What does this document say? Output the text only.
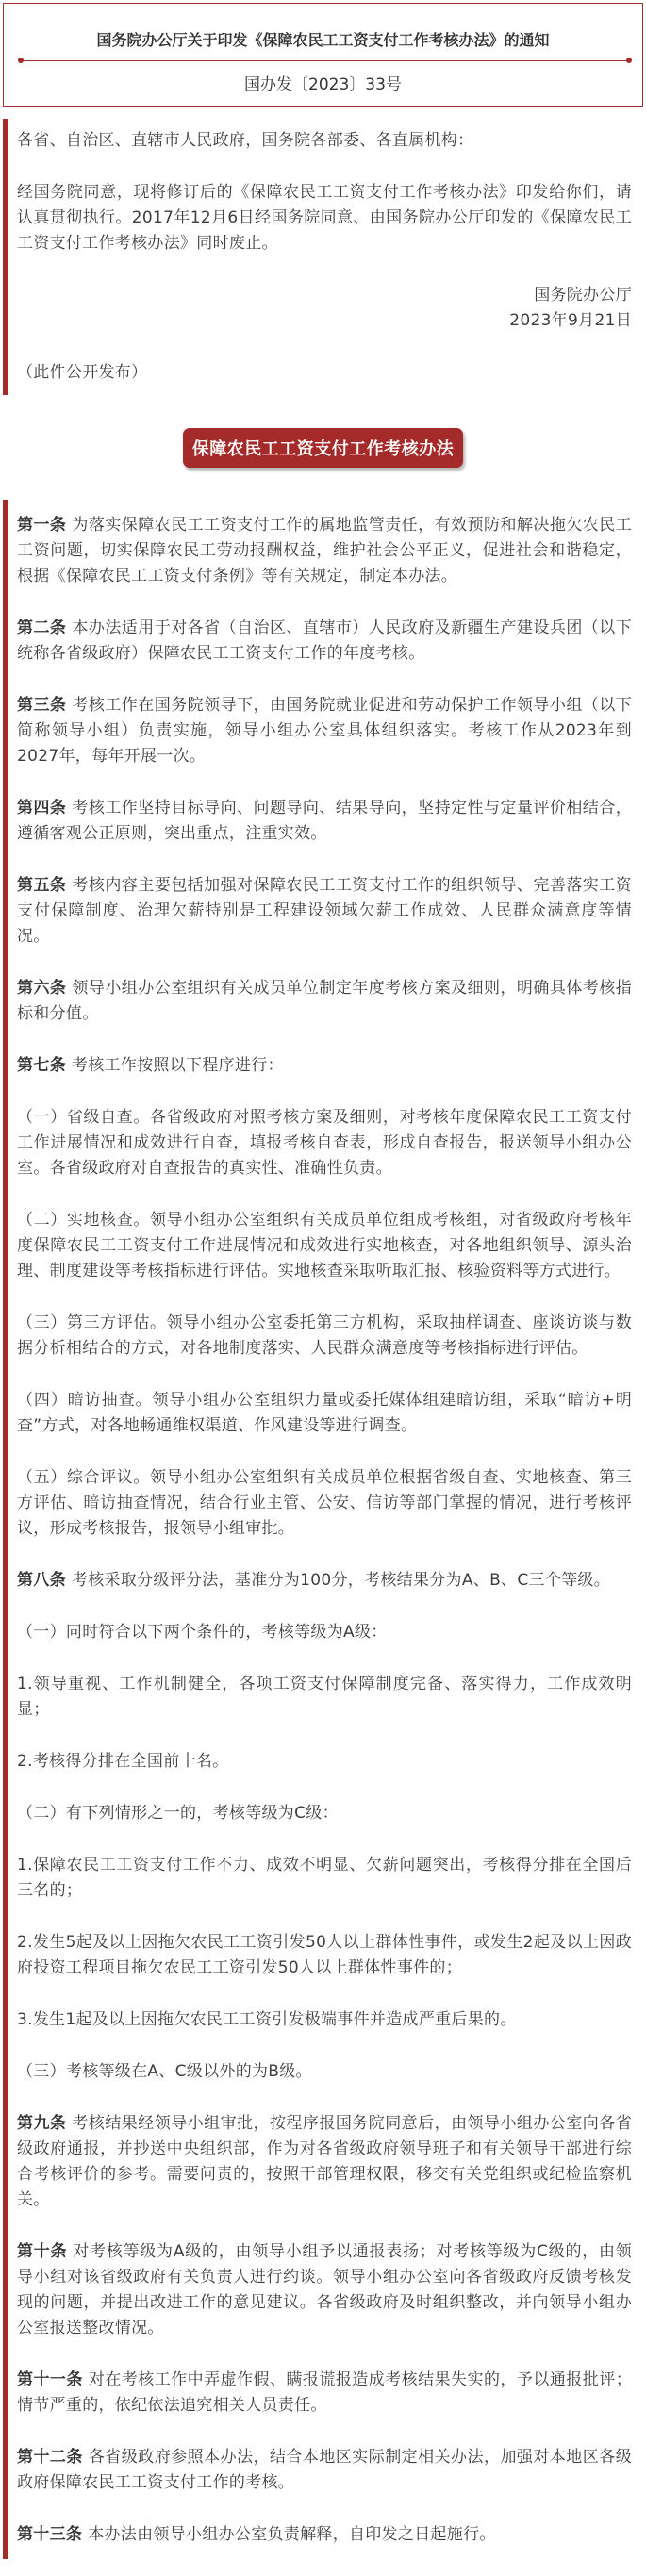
国务院办公厅关于印发《保障农民工工资支付工作考核办法》的通知
国办发〔2023〕33号

各省、自治区、直辖市人民政府，国务院各部委、各直属机构：

经国务院同意，现将修订后的《保障农民工工资支付工作考核办法》印发给你们，请认真贯彻执行。2017年12月6日经国务院同意、由国务院办公厅印发的《保障农民工工资支付工作考核办法》同时废止。

国务院办公厅

2023年9月21日

（此件公开发布）

保障农民工工资支付工作考核办法

第一条 为落实保障农民工工资支付工作的属地监管责任，有效预防和解决拖欠农民工工资问题，切实保障农民工劳动报酬权益，维护社会公平正义，促进社会和谐稳定，根据《保障农民工工资支付条例》等有关规定，制定本办法。

第二条 本办法适用于对各省（自治区、直辖市）人民政府及新疆生产建设兵团（以下统称各省级政府）保障农民工工资支付工作的年度考核。

第三条 考核工作在国务院领导下，由国务院就业促进和劳动保护工作领导小组（以下简称领导小组）负责实施，领导小组办公室具体组织落实。考核工作从2023年到2027年，每年开展一次。

第四条 考核工作坚持目标导向、问题导向、结果导向，坚持定性与定量评价相结合，遵循客观公正原则，突出重点，注重实效。

第五条 考核内容主要包括加强对保障农民工工资支付工作的组织领导、完善落实工资支付保障制度、治理欠薪特别是工程建设领域欠薪工作成效、人民群众满意度等情况。

第六条 领导小组办公室组织有关成员单位制定年度考核方案及细则，明确具体考核指标和分值。

第七条 考核工作按照以下程序进行：

（一）省级自查。各省级政府对照考核方案及细则，对考核年度保障农民工工资支付工作进展情况和成效进行自查，填报考核自查表，形成自查报告，报送领导小组办公室。各省级政府对自查报告的真实性、准确性负责。

（二）实地核查。领导小组办公室组织有关成员单位组成考核组，对省级政府考核年度保障农民工工资支付工作进展情况和成效进行实地核查，对各地组织领导、源头治理、制度建设等考核指标进行评估。实地核查采取听取汇报、核验资料等方式进行。

（三）第三方评估。领导小组办公室委托第三方机构，采取抽样调查、座谈访谈与数据分析相结合的方式，对各地制度落实、人民群众满意度等考核指标进行评估。

（四）暗访抽查。领导小组办公室组织力量或委托媒体组建暗访组，采取“暗访+明查”方式，对各地畅通维权渠道、作风建设等进行调查。

（五）综合评议。领导小组办公室组织有关成员单位根据省级自查、实地核查、第三方评估、暗访抽查情况，结合行业主管、公安、信访等部门掌握的情况，进行考核评议，形成考核报告，报领导小组审批。

第八条 考核采取分级评分法，基准分为100分，考核结果分为A、B、C三个等级。

（一）同时符合以下两个条件的，考核等级为A级：

1.领导重视、工作机制健全，各项工资支付保障制度完备、落实得力，工作成效明显；

2.考核得分排在全国前十名。

（二）有下列情形之一的，考核等级为C级：

1.保障农民工工资支付工作不力、成效不明显、欠薪问题突出，考核得分排在全国后三名的；

2.发生5起及以上因拖欠农民工工资引发50人以上群体性事件，或发生2起及以上因政府投资工程项目拖欠农民工工资引发50人以上群体性事件的；

3.发生1起及以上因拖欠农民工工资引发极端事件并造成严重后果的。

（三）考核等级在A、C级以外的为B级。

第九条 考核结果经领导小组审批，按程序报国务院同意后，由领导小组办公室向各省级政府通报，并抄送中央组织部，作为对各省级政府领导班子和有关领导干部进行综合考核评价的参考。需要问责的，按照干部管理权限，移交有关党组织或纪检监察机关。

第十条 对考核等级为A级的，由领导小组予以通报表扬；对考核等级为C级的，由领导小组对该省级政府有关负责人进行约谈。领导小组办公室向各省级政府反馈考核发现的问题，并提出改进工作的意见建议。各省级政府及时组织整改，并向领导小组办公室报送整改情况。

第十一条 对在考核工作中弄虚作假、瞒报谎报造成考核结果失实的，予以通报批评；情节严重的，依纪依法追究相关人员责任。

第十二条 各省级政府参照本办法，结合本地区实际制定相关办法，加强对本地区各级政府保障农民工工资支付工作的考核。

第十三条 本办法由领导小组办公室负责解释，自印发之日起施行。
